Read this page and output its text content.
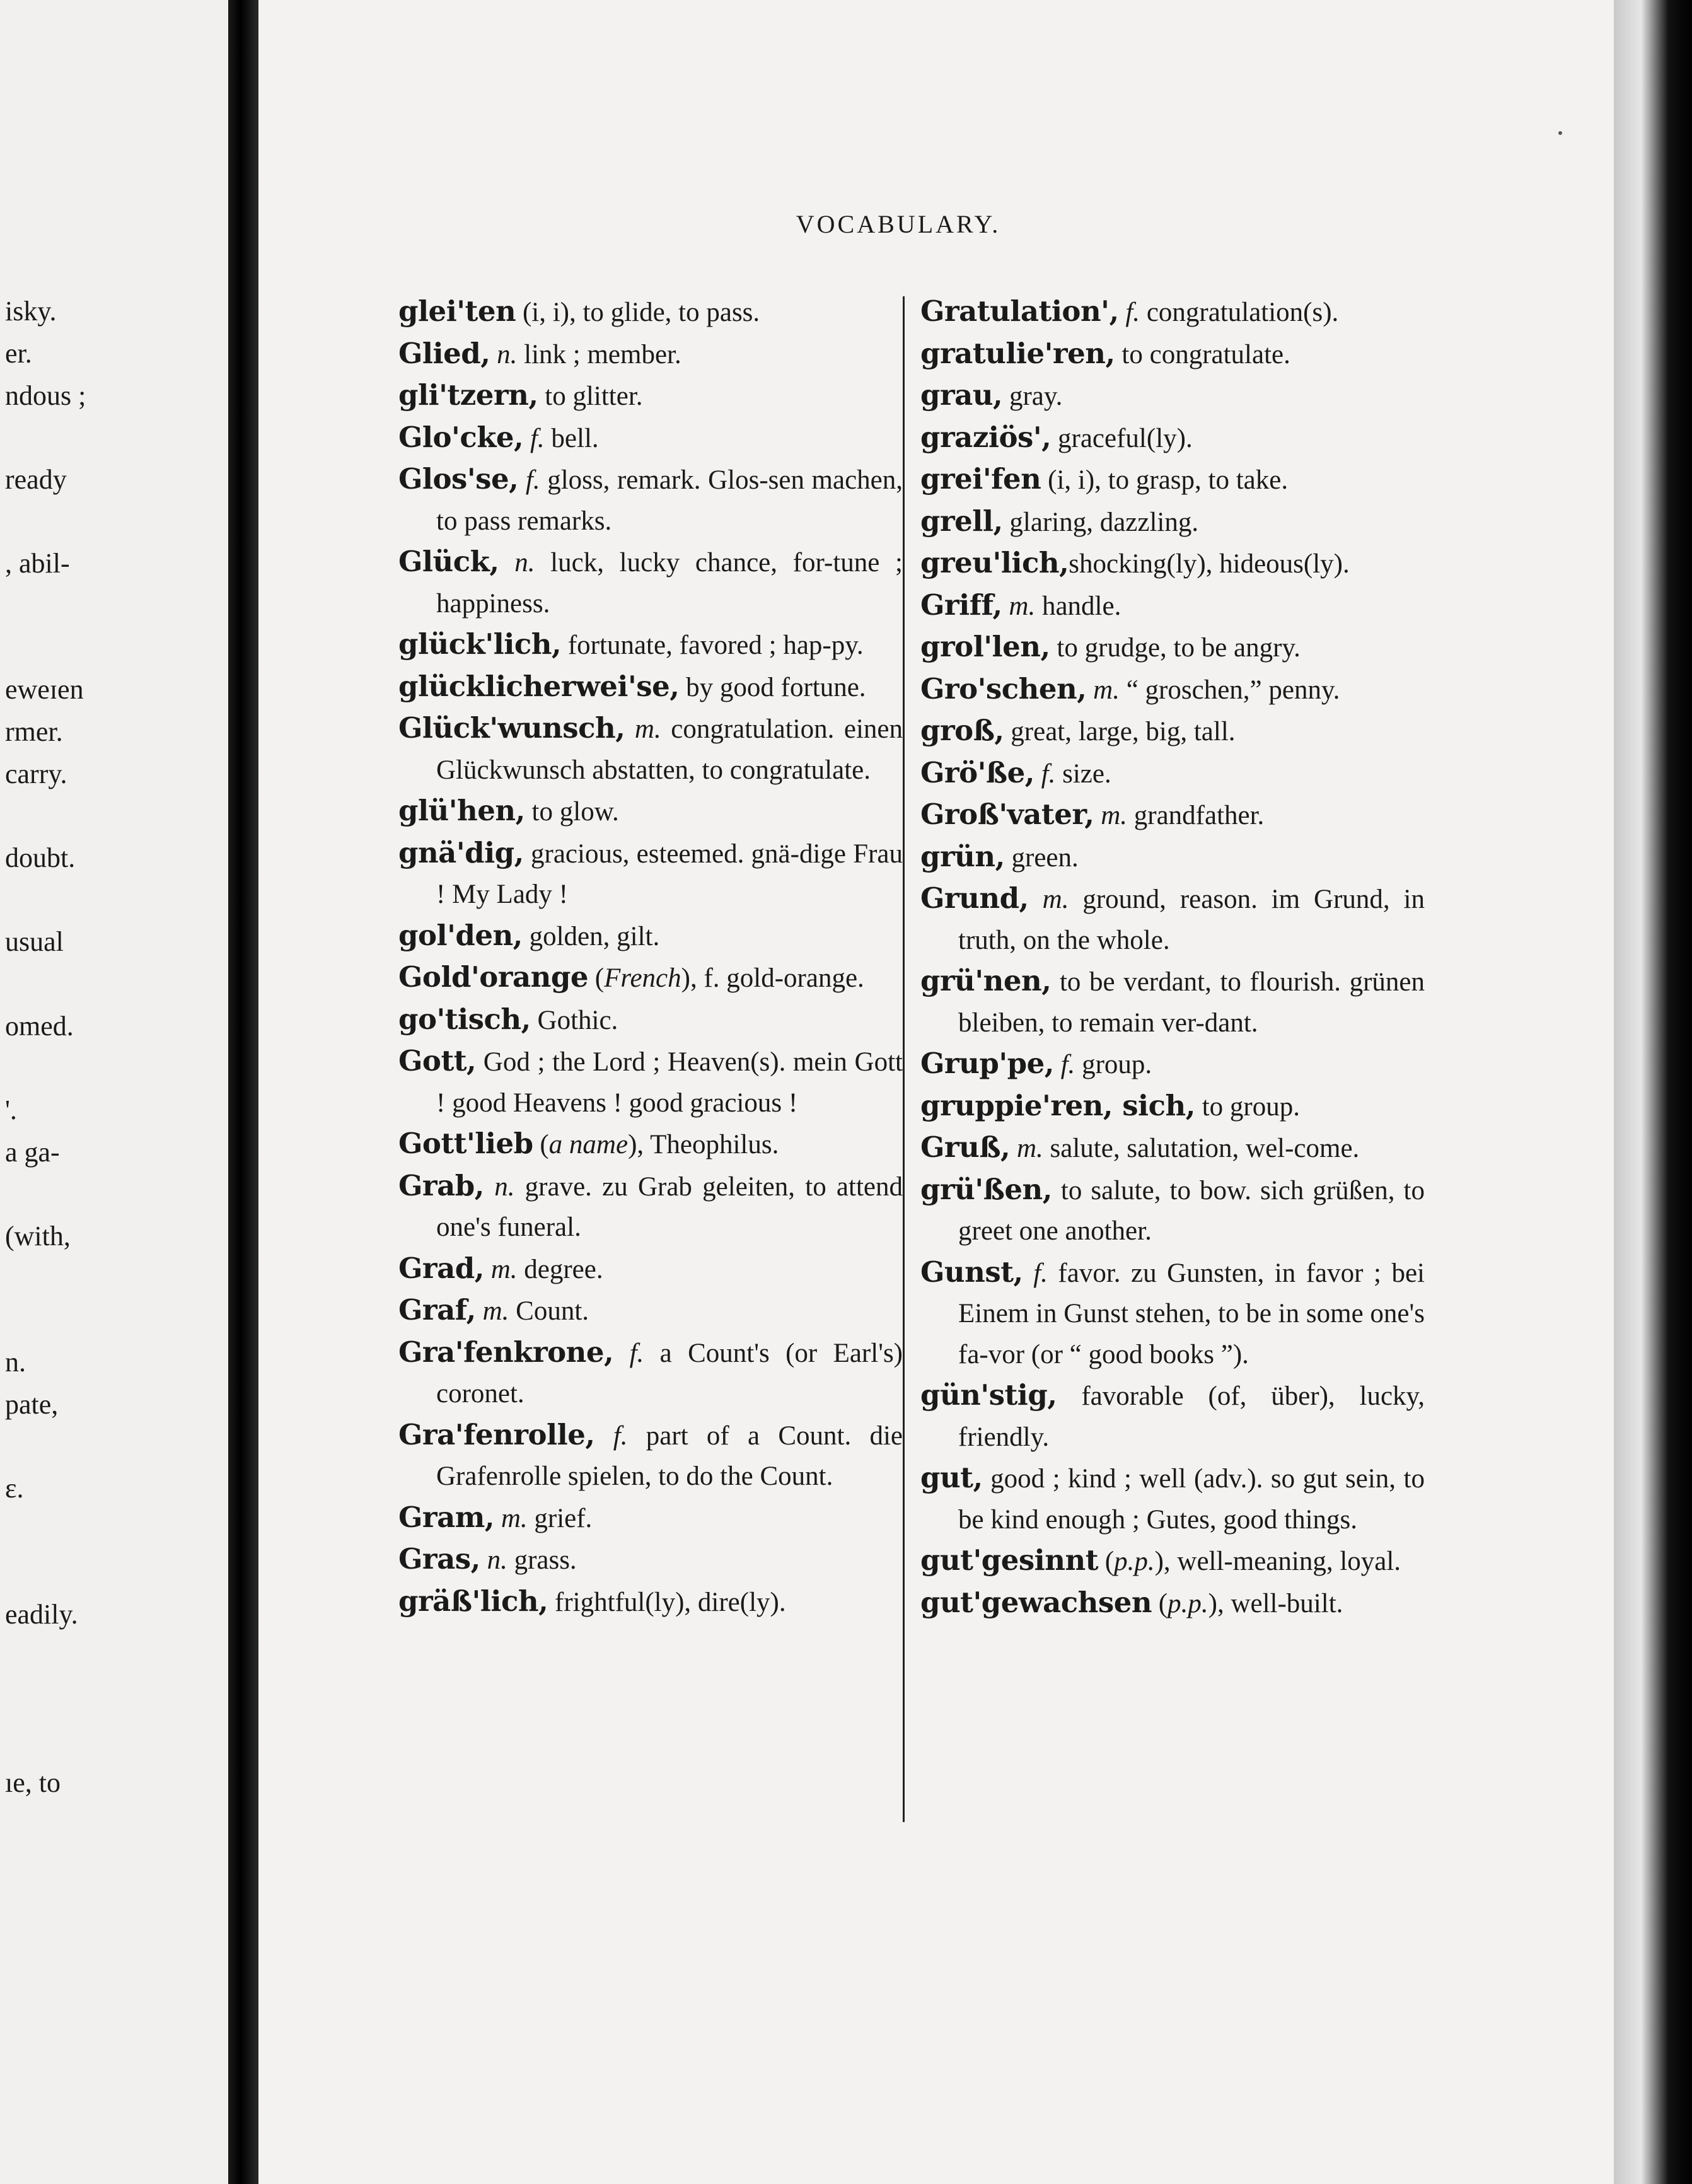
isky.
er.
ndous ;
ready
, abil-
eweɪen
rmer.
carry.
doubt.
usual
omed.
'.
a ga-
(with,
n.
pate,
ɛ.
eadily.
ıe, to
VOCABULARY.
glei'ten (i, i), to glide, to pass.
Glied, n. link ; member.
gli'tzern, to glitter.
Glo'cke, f. bell.
Glos'se, f. gloss, remark. Glos-sen machen, to pass remarks.
Glück, n. luck, lucky chance, for-tune ; happiness.
glück'lich, fortunate, favored ; hap-py.
glücklicherwei'se, by good fortune.
Glück'wunsch, m. congratulation. einen Glückwunsch abstatten, to congratulate.
glü'hen, to glow.
gnä'dig, gracious, esteemed. gnä-dige Frau ! My Lady !
gol'den, golden, gilt.
Gold'orange (French), f. gold-orange.
go'tisch, Gothic.
Gott, God ; the Lord ; Heaven(s). mein Gott ! good Heavens ! good gracious !
Gott'lieb (a name), Theophilus.
Grab, n. grave. zu Grab geleiten, to attend one's funeral.
Grad, m. degree.
Graf, m. Count.
Gra'fenkrone, f. a Count's (or Earl's) coronet.
Gra'fenrolle, f. part of a Count. die Grafenrolle spielen, to do the Count.
Gram, m. grief.
Gras, n. grass.
gräß'lich, frightful(ly), dire(ly).
Gratulation', f. congratulation(s).
gratulie'ren, to congratulate.
grau, gray.
graziös', graceful(ly).
grei'fen (i, i), to grasp, to take.
grell, glaring, dazzling.
greu'lich,shocking(ly), hideous(ly).
Griff, m. handle.
grol'len, to grudge, to be angry.
Gro'schen, m. “ groschen,” penny.
groß, great, large, big, tall.
Grö'ße, f. size.
Groß'vater, m. grandfather.
grün, green.
Grund, m. ground, reason. im Grund, in truth, on the whole.
grü'nen, to be verdant, to flourish. grünen bleiben, to remain ver-dant.
Grup'pe, f. group.
gruppie'ren, sich, to group.
Gruß, m. salute, salutation, wel-come.
grü'ßen, to salute, to bow. sich grüßen, to greet one another.
Gunst, f. favor. zu Gunsten, in favor ; bei Einem in Gunst stehen, to be in some one's fa-vor (or “ good books ”).
gün'stig, favorable (of, über), lucky, friendly.
gut, good ; kind ; well (adv.). so gut sein, to be kind enough ; Gutes, good things.
gut'gesinnt (p.p.), well-meaning, loyal.
gut'gewachsen (p.p.), well-built.
